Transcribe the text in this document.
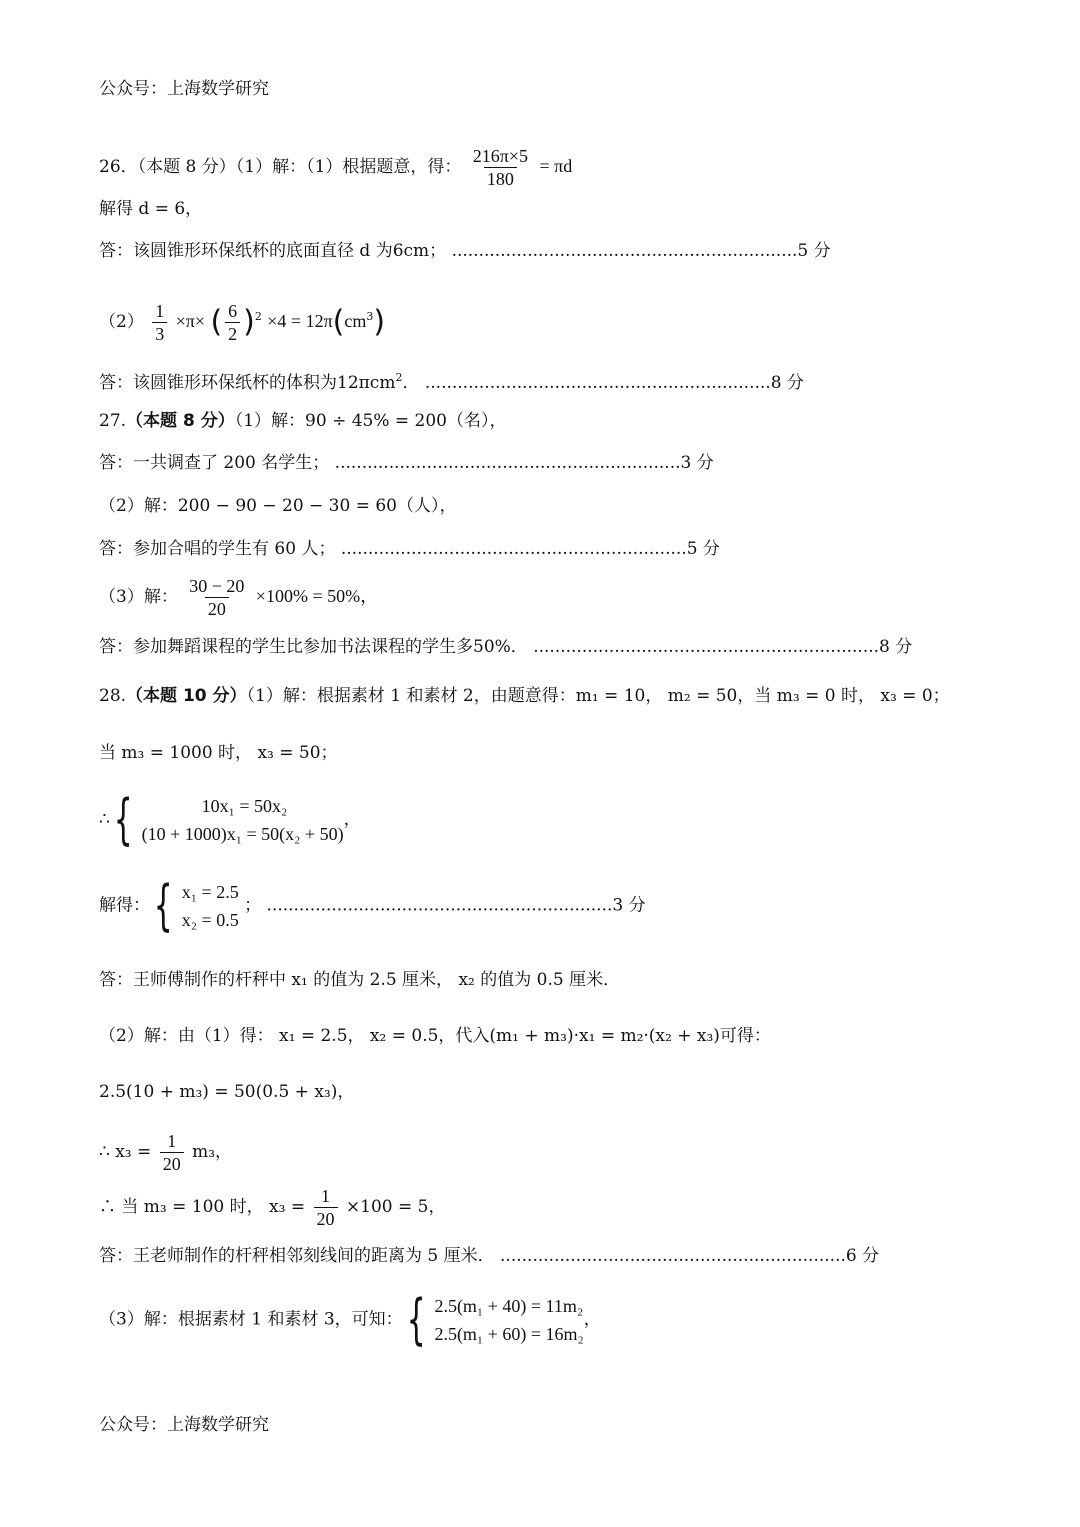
公众号：上海数学研究
26．（本题 8 分）（1）解：（1）根据题意，得： $\frac{216\pi\times 5}{180} = \pi d$
解得 d = 6，
答：该圆锥形环保纸杯的底面直径 d 为6cm； ................................................................5 分
$(2) \frac{1}{3} \times\pi\times$ ( $\frac{6}{2} )^2 \times 4 = 12\pi(cm^3)$
答：该圆锥形环保纸杯的体积为12πcm$^2$． ................................................................8 分
27.（本题 8 分）（1）解：90 ÷ 45% = 200（名），
答：一共调查了 200 名学生； ................................................................3 分
（2）解：200 − 90 − 20 − 30 = 60（人），
答：参加合唱的学生有 60 人； ................................................................5 分
（3）解： $\frac{30 - 20}{20} \times 100\% = 50\%$，
答：参加舞蹈课程的学生比参加书法课程的学生多50%． ................................................................8 分
28.（本题 10 分）（1）解：根据素材 1 和素材 2，由题意得：m₁ = 10， m₂ = 50，当 m₃ = 0 时， x₃ = 0；
当 m₃ = 1000 时， x₃ = 50；
∴{	10x₁ = 50x₂
(10 + 1000)x₁ = 50(x₂ + 50)
，
解得：{ x₁ = 2.5
x₂ = 0.5
； ................................................................3 分
答：王师傅制作的杆秤中 x₁ 的值为 2.5 厘米， x₂ 的值为 0.5 厘米．
（2）解：由（1）得： x₁ = 2.5， x₂ = 0.5，代入(m₁ + m₃)·x₁ = m₂·(x₂ + x₃)可得：
2.5(10 + m₃) = 50(0.5 + x₃)，
∴ $x_3 = \frac{1}{20} m_3$，
∴ 当 m₃ = 100 时， $x_3 = \frac{1}{20} \times 100 = 5$，
答：王老师制作的杆秤相邻刻线间的距离为 5 厘米． ................................................................6 分
（3）解：根据素材 1 和素材 3，可知：{ 2.5(m₁ + 40) = 11m₂
2.5(m₁ + 60) = 16m₂
，
公众号：上海数学研究
